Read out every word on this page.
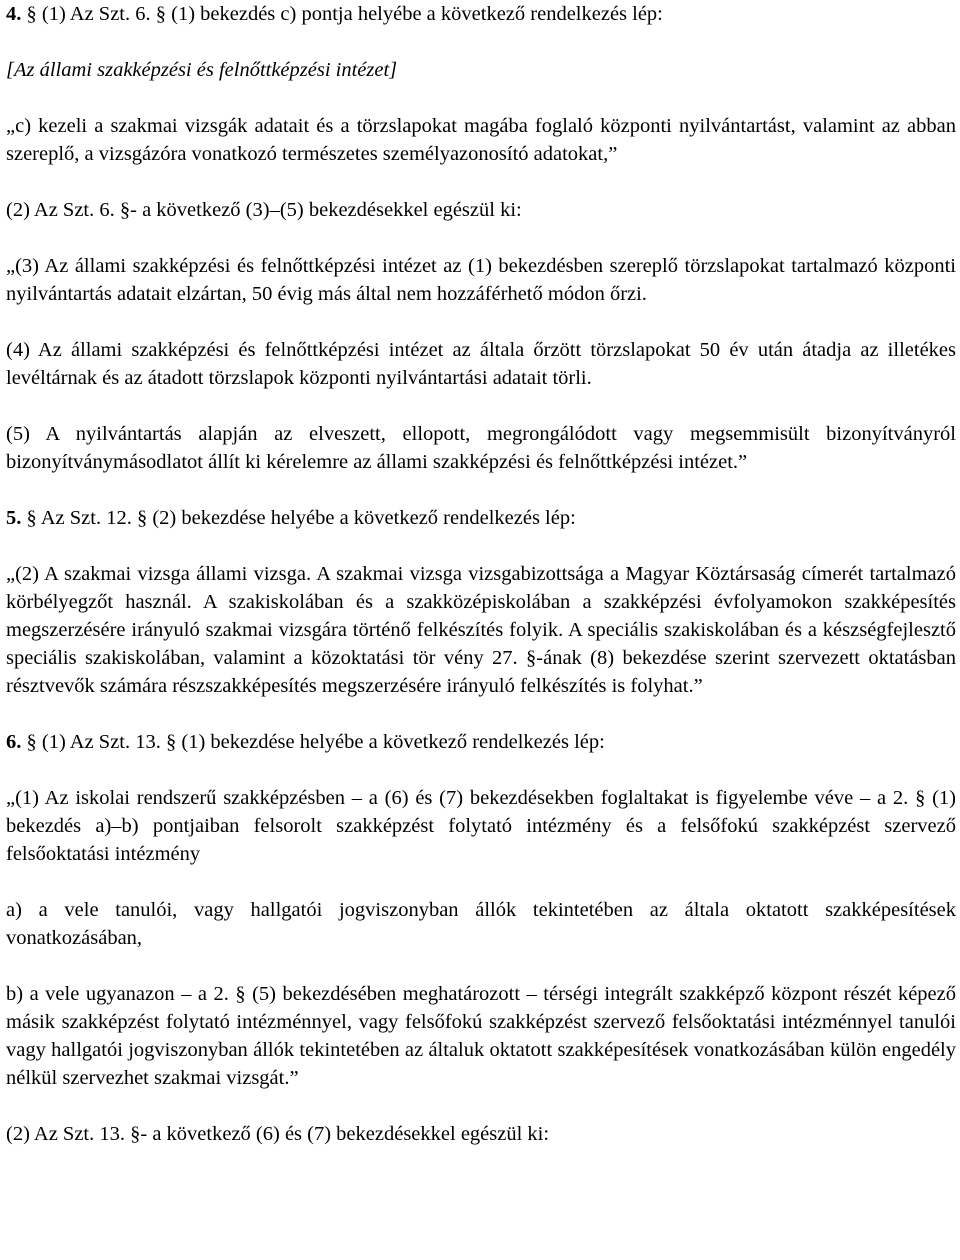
4. § (1) Az Szt. 6. § (1) bekezdés c) pontja helyébe a következő rendelkezés lép:

[Az állami szakképzési és felnőttképzési intézet]

„c) kezeli a szakmai vizsgák adatait és a törzslapokat magába foglaló központi nyilvántartást, valamint az abban szereplő, a vizsgázóra vonatkozó természetes személyazonosító adatokat,”

(2) Az Szt. 6. §- a következő (3)–(5) bekezdésekkel egészül ki:

„(3) Az állami szakképzési és felnőttképzési intézet az (1) bekezdésben szereplő törzslapokat tartalmazó központi nyilvántartás adatait elzártan, 50 évig más által nem hozzáférhető módon őrzi.

(4) Az állami szakképzési és felnőttképzési intézet az általa őrzött törzslapokat 50 év után átadja az illetékes levéltárnak és az átadott törzslapok központi nyilvántartási adatait törli.

(5) A nyilvántartás alapján az elveszett, ellopott, megrongálódott vagy megsemmisült bizonyítványról bizonyítványmásodlatot állít ki kérelemre az állami szakképzési és felnőttképzési intézet.”

5. § Az Szt. 12. § (2) bekezdése helyébe a következő rendelkezés lép:

„(2) A szakmai vizsga állami vizsga. A szakmai vizsga vizsgabizottsága a Magyar Köztársaság címerét tartalmazó körbélyegzőt használ. A szakiskolában és a szakközépiskolában a szakképzési évfolyamokon szakképesítés megszerzésére irányuló szakmai vizsgára történő felkészítés folyik. A speciális szakiskolában és a készségfejlesztő speciális szakiskolában, valamint a közoktatási tör vény 27. §-ának (8) bekezdése szerint szervezett oktatásban résztvevők számára részszakképesítés megszerzésére irányuló felkészítés is folyhat.”

6. § (1) Az Szt. 13. § (1) bekezdése helyébe a következő rendelkezés lép:

„(1) Az iskolai rendszerű szakképzésben – a (6) és (7) bekezdésekben foglaltakat is figyelembe véve – a 2. § (1) bekezdés a)–b) pontjaiban felsorolt szakképzést folytató intézmény és a felsőfokú szakképzést szervező felsőoktatási intézmény

a) a vele tanulói, vagy hallgatói jogviszonyban állók tekintetében az általa oktatott szakképesítések vonatkozásában,

b) a vele ugyanazon – a 2. § (5) bekezdésében meghatározott – térségi integrált szakképző központ részét képező másik szakképzést folytató intézménnyel, vagy felsőfokú szakképzést szervező felsőoktatási intézménnyel tanulói vagy hallgatói jogviszonyban állók tekintetében az általuk oktatott szakképesítések vonatkozásában külön engedély nélkül szervezhet szakmai vizsgát.”

(2) Az Szt. 13. §- a következő (6) és (7) bekezdésekkel egészül ki:
